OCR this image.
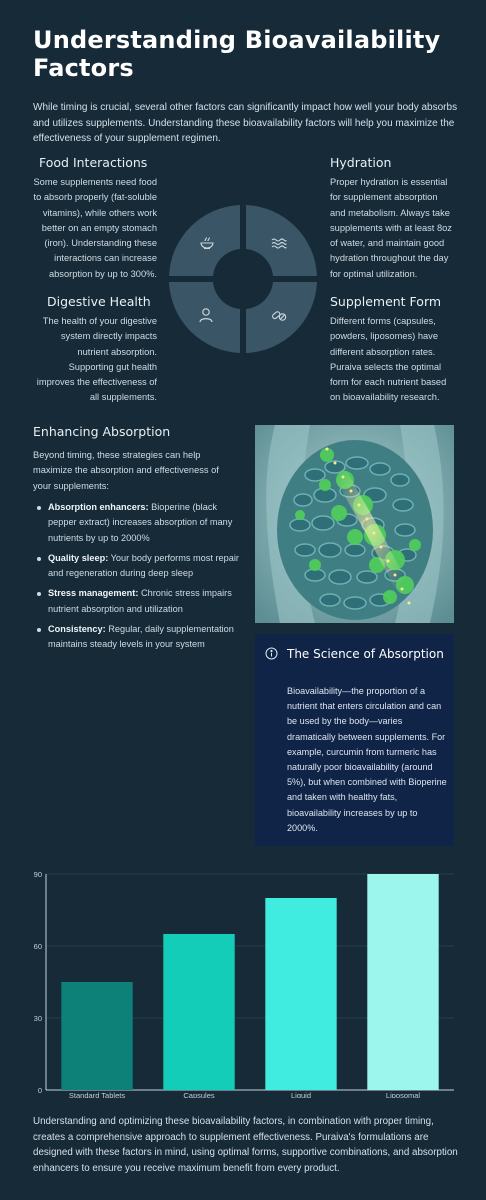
Understanding Bioavailability Factors

While timing is crucial, several other factors can significantly impact how well your body absorbs and utilizes supplements. Understanding these bioavailability factors will help you maximize the effectiveness of your supplement regimen.

Food Interactions

Some supplements need food to absorb properly (fat-soluble vitamins), while others work better on an empty stomach (iron). Understanding these interactions can increase absorption by up to 300%.

Hydration

Proper hydration is essential for supplement absorption and metabolism. Always take supplements with at least 8oz of water, and maintain good hydration throughout the day for optimal utilization.

Digestive Health

The health of your digestive system directly impacts nutrient absorption. Supporting gut health improves the effectiveness of all supplements.

Supplement Form

Different forms (capsules, powders, liposomes) have different absorption rates. Puraiva selects the optimal form for each nutrient based on bioavailability research.

Enhancing Absorption

Beyond timing, these strategies can help maximize the absorption and effectiveness of your supplements:

Absorption enhancers: Bioperine (black pepper extract) increases absorption of many nutrients by up to 2000%
Quality sleep: Your body performs most repair and regeneration during deep sleep
Stress management: Chronic stress impairs nutrient absorption and utilization
Consistency: Regular, daily supplementation maintains steady levels in your system
The Science of Absorption

Bioavailability—the proportion of a nutrient that enters circulation and can be used by the body—varies dramatically between supplements. For example, curcumin from turmeric has naturally poor bioavailability (around 5%), but when combined with Bioperine and taken with healthy fats, bioavailability increases by up to 2000%.

0
30
60
90
Standard Tablets	Capsules	Liquid	Liposomal

Understanding and optimizing these bioavailability factors, in combination with proper timing, creates a comprehensive approach to supplement effectiveness. Puraiva's formulations are designed with these factors in mind, using optimal forms, supportive combinations, and absorption enhancers to ensure you receive maximum benefit from every product.
